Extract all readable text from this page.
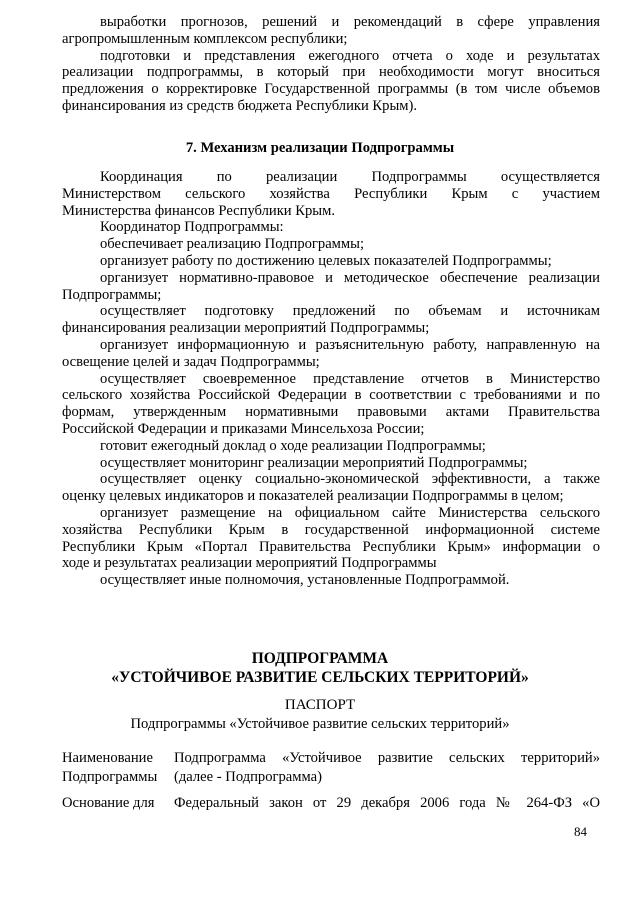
выработки прогнозов, решений и рекомендаций в сфере управления
агропромышленным комплексом республики;
подготовки и представления ежегодного отчета о ходе и результатах
реализации подпрограммы, в который при необходимости могут вноситься
предложения о корректировке Государственной программы (в том числе объемов
финансирования из средств бюджета Республики Крым).
7. Механизм реализации Подпрограммы
Координация по реализации Подпрограммы осуществляется
Министерством сельского хозяйства Республики Крым с участием
Министерства финансов Республики Крым.
Координатор Подпрограммы:
обеспечивает реализацию Подпрограммы;
организует работу по достижению целевых показателей Подпрограммы;
организует нормативно-правовое и методическое обеспечение реализации
Подпрограммы;
осуществляет подготовку предложений по объемам и источникам
финансирования реализации мероприятий Подпрограммы;
организует информационную и разъяснительную работу, направленную на
освещение целей и задач Подпрограммы;
осуществляет своевременное представление отчетов в Министерство
сельского хозяйства Российской Федерации в соответствии с требованиями и по
формам, утвержденным нормативными правовыми актами Правительства
Российской Федерации и приказами Минсельхоза России;
готовит ежегодный доклад о ходе реализации Подпрограммы;
осуществляет мониторинг реализации мероприятий Подпрограммы;
осуществляет оценку социально-экономической эффективности, а также
оценку целевых индикаторов и показателей реализации Подпрограммы в целом;
организует размещение на официальном сайте Министерства сельского
хозяйства Республики Крым в государственной информационной системе
Республики Крым «Портал Правительства Республики Крым» информации о
ходе и результатах реализации мероприятий Подпрограммы
осуществляет иные полномочия, установленные Подпрограммой.
ПОДПРОГРАММА
«УСТОЙЧИВОЕ РАЗВИТИЕ СЕЛЬСКИХ ТЕРРИТОРИЙ»
ПАСПОРТ
Подпрограммы «Устойчивое развитие сельских территорий»
Наименование
Подпрограммы
Подпрограмма «Устойчивое развитие сельских территорий»
(далее - Подпрограмма)
Основание для	Федеральный закон от 29 декабря 2006 года № 264-ФЗ «О
84
